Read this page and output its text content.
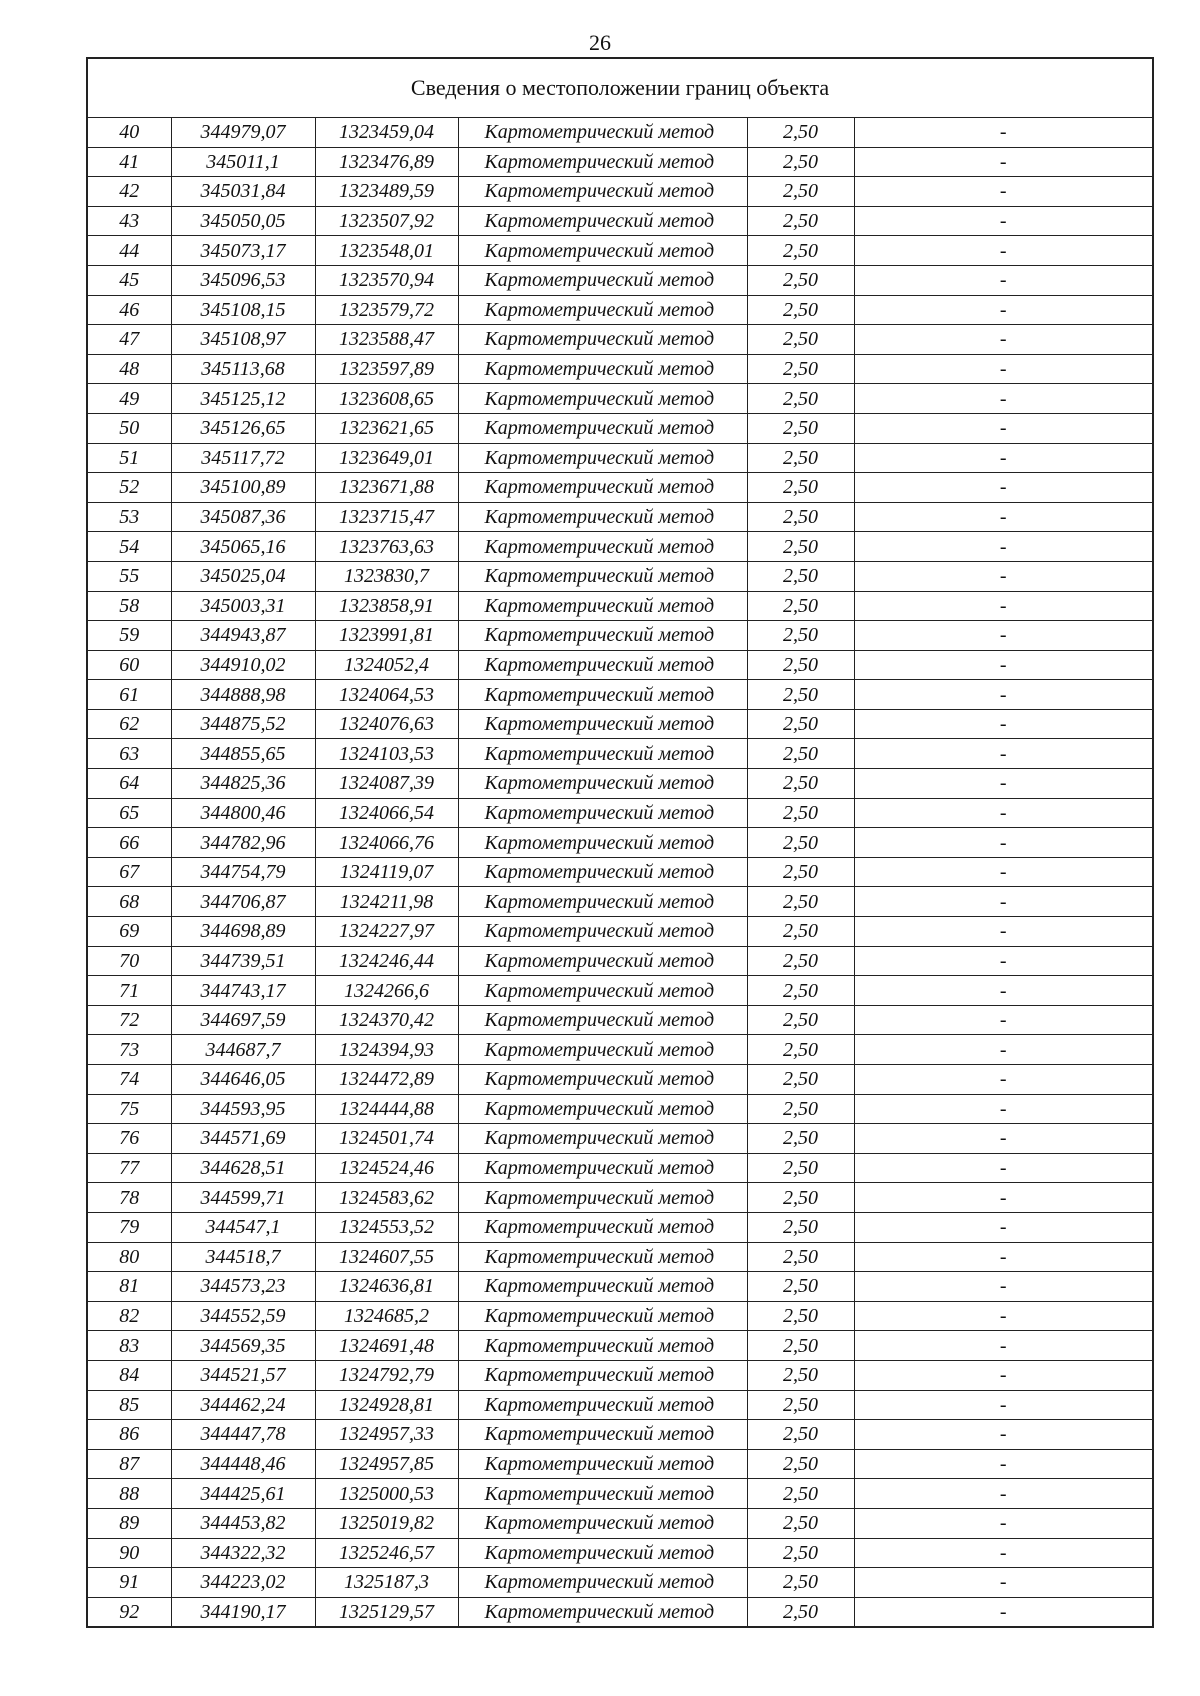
26
Сведения о местоположении границ объекта					
40	344979,07	1323459,04	Картометрический метод	2,50	-
41	345011,1	1323476,89	Картометрический метод	2,50	-
42	345031,84	1323489,59	Картометрический метод	2,50	-
43	345050,05	1323507,92	Картометрический метод	2,50	-
44	345073,17	1323548,01	Картометрический метод	2,50	-
45	345096,53	1323570,94	Картометрический метод	2,50	-
46	345108,15	1323579,72	Картометрический метод	2,50	-
47	345108,97	1323588,47	Картометрический метод	2,50	-
48	345113,68	1323597,89	Картометрический метод	2,50	-
49	345125,12	1323608,65	Картометрический метод	2,50	-
50	345126,65	1323621,65	Картометрический метод	2,50	-
51	345117,72	1323649,01	Картометрический метод	2,50	-
52	345100,89	1323671,88	Картометрический метод	2,50	-
53	345087,36	1323715,47	Картометрический метод	2,50	-
54	345065,16	1323763,63	Картометрический метод	2,50	-
55	345025,04	1323830,7	Картометрический метод	2,50	-
58	345003,31	1323858,91	Картометрический метод	2,50	-
59	344943,87	1323991,81	Картометрический метод	2,50	-
60	344910,02	1324052,4	Картометрический метод	2,50	-
61	344888,98	1324064,53	Картометрический метод	2,50	-
62	344875,52	1324076,63	Картометрический метод	2,50	-
63	344855,65	1324103,53	Картометрический метод	2,50	-
64	344825,36	1324087,39	Картометрический метод	2,50	-
65	344800,46	1324066,54	Картометрический метод	2,50	-
66	344782,96	1324066,76	Картометрический метод	2,50	-
67	344754,79	1324119,07	Картометрический метод	2,50	-
68	344706,87	1324211,98	Картометрический метод	2,50	-
69	344698,89	1324227,97	Картометрический метод	2,50	-
70	344739,51	1324246,44	Картометрический метод	2,50	-
71	344743,17	1324266,6	Картометрический метод	2,50	-
72	344697,59	1324370,42	Картометрический метод	2,50	-
73	344687,7	1324394,93	Картометрический метод	2,50	-
74	344646,05	1324472,89	Картометрический метод	2,50	-
75	344593,95	1324444,88	Картометрический метод	2,50	-
76	344571,69	1324501,74	Картометрический метод	2,50	-
77	344628,51	1324524,46	Картометрический метод	2,50	-
78	344599,71	1324583,62	Картометрический метод	2,50	-
79	344547,1	1324553,52	Картометрический метод	2,50	-
80	344518,7	1324607,55	Картометрический метод	2,50	-
81	344573,23	1324636,81	Картометрический метод	2,50	-
82	344552,59	1324685,2	Картометрический метод	2,50	-
83	344569,35	1324691,48	Картометрический метод	2,50	-
84	344521,57	1324792,79	Картометрический метод	2,50	-
85	344462,24	1324928,81	Картометрический метод	2,50	-
86	344447,78	1324957,33	Картометрический метод	2,50	-
87	344448,46	1324957,85	Картометрический метод	2,50	-
88	344425,61	1325000,53	Картометрический метод	2,50	-
89	344453,82	1325019,82	Картометрический метод	2,50	-
90	344322,32	1325246,57	Картометрический метод	2,50	-
91	344223,02	1325187,3	Картометрический метод	2,50	-
92	344190,17	1325129,57	Картометрический метод	2,50	-
